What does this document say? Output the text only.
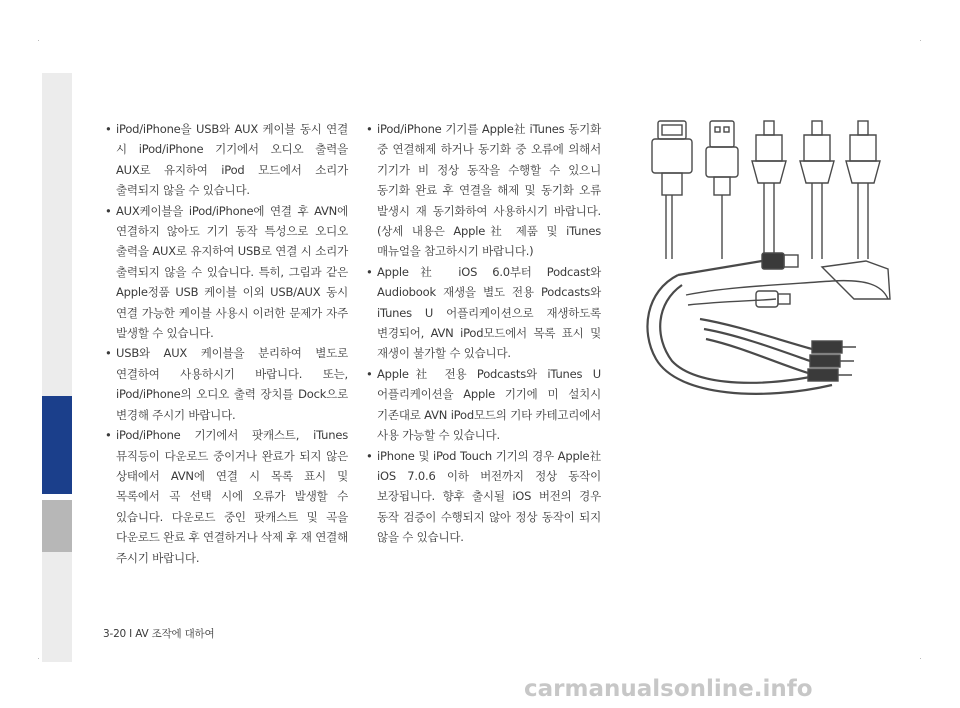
• iPod/iPhone을 USB와 AUX 케이블 동시 연결 시 iPod/iPhone 기기에서 오디오 출력을 AUX로 유지하여 iPod 모드에서 소리가 출력되지 않을 수 있습니다.

• AUX케이블을 iPod/iPhone에 연결 후 AVN에 연결하지 않아도 기기 동작 특성으로 오디오 출력을 AUX로 유지하여 USB로 연결 시 소리가 출력되지 않을 수 있습니다. 특히, 그림과 같은 Apple정품 USB 케이블 이외 USB/AUX 동시 연결 가능한 케이블 사용시 이러한 문제가 자주 발생할 수 있습니다.

• USB와 AUX 케이블을 분리하여 별도로 연결하여 사용하시기 바랍니다. 또는, iPod/iPhone의 오디오 출력 장치를 Dock으로 변경해 주시기 바랍니다.

• iPod/iPhone 기기에서 팟캐스트, iTunes 뮤직등이 다운로드 중이거나 완료가 되지 않은 상태에서 AVN에 연결 시 목록 표시 및 목록에서 곡 선택 시에 오류가 발생할 수 있습니다. 다운로드 중인 팟캐스트 및 곡을 다운로드 완료 후 연결하거나 삭제 후 재 연결해 주시기 바랍니다.

• iPod/iPhone 기기를 Apple社 iTunes 동기화 중 연결해제 하거나 동기화 중 오류에 의해서 기기가 비 정상 동작을 수행할 수 있으니 동기화 완료 후 연결을 해제 및 동기화 오류 발생시 재 동기화하여 사용하시기 바랍니다. (상세 내용은 Apple社 제품 및 iTunes 매뉴얼을 참고하시기 바랍니다.)

• Apple社 iOS 6.0부터 Podcast와 Audiobook 재생을 별도 전용 Podcasts와 iTunes U 어플리케이션으로 재생하도록 변경되어, AVN iPod모드에서 목록 표시 및 재생이 불가할 수 있습니다.

• Apple社 전용 Podcasts와 iTunes U 어플리케이션을 Apple 기기에 미 설치시 기존대로 AVN iPod모드의 기타 카테고리에서 사용 가능할 수 있습니다.

• iPhone 및 iPod Touch 기기의 경우 Apple社 iOS 7.0.6 이하 버전까지 정상 동작이 보장됩니다. 향후 출시될 iOS 버전의 경우 동작 검증이 수행되지 않아 정상 동작이 되지 않을 수 있습니다.

3-20 I AV 조작에 대하여
carmanualsonline.info
